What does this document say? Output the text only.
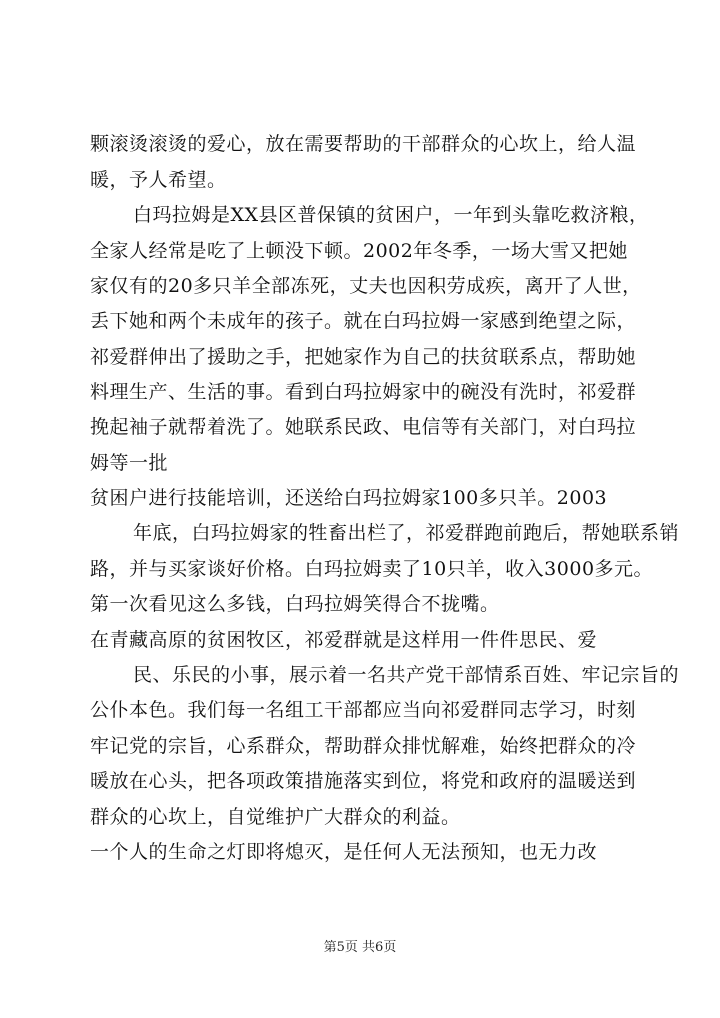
颗滚烫滚烫的爱心，放在需要帮助的干部群众的心坎上，给人温
暖，予人希望。
白玛拉姆是XX县区普保镇的贫困户，一年到头靠吃救济粮，
全家人经常是吃了上顿没下顿。2002年冬季，一场大雪又把她
家仅有的20多只羊全部冻死，丈夫也因积劳成疾，离开了人世，
丢下她和两个未成年的孩子。就在白玛拉姆一家感到绝望之际，
祁爱群伸出了援助之手，把她家作为自己的扶贫联系点，帮助她
料理生产、生活的事。看到白玛拉姆家中的碗没有洗时，祁爱群
挽起袖子就帮着洗了。她联系民政、电信等有关部门，对白玛拉
姆等一批
贫困户进行技能培训，还送给白玛拉姆家100多只羊。2003
年底，白玛拉姆家的牲畜出栏了，祁爱群跑前跑后，帮她联系销
路，并与买家谈好价格。白玛拉姆卖了10只羊，收入3000多元。
第一次看见这么多钱，白玛拉姆笑得合不拢嘴。
在青藏高原的贫困牧区，祁爱群就是这样用一件件思民、爱
民、乐民的小事，展示着一名共产党干部情系百姓、牢记宗旨的
公仆本色。我们每一名组工干部都应当向祁爱群同志学习，时刻
牢记党的宗旨，心系群众，帮助群众排忧解难，始终把群众的冷
暖放在心头，把各项政策措施落实到位，将党和政府的温暖送到
群众的心坎上，自觉维护广大群众的利益。
一个人的生命之灯即将熄灭，是任何人无法预知，也无力改
第5页 共6页
